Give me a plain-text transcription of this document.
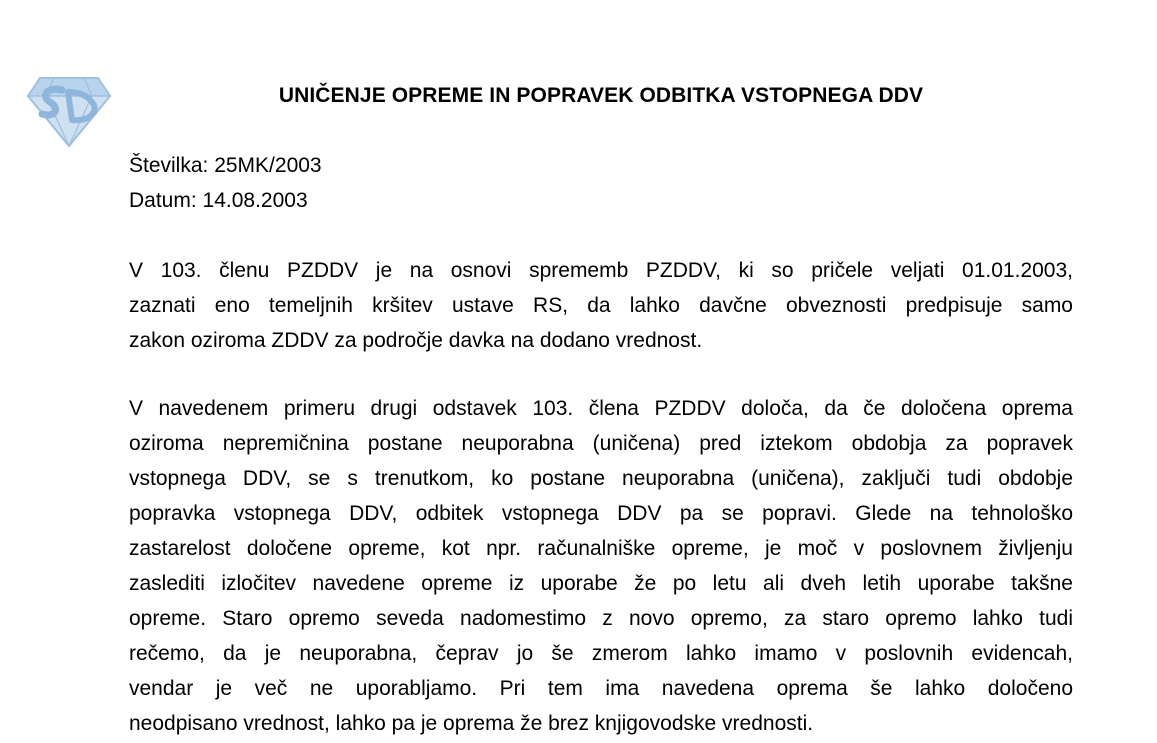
UNIČENJE OPREME IN POPRAVEK ODBITKA VSTOPNEGA DDV
Številka: 25MK/2003
Datum: 14.08.2003

V 103. členu PZDDV je na osnovi sprememb PZDDV, ki so pričele veljati 01.01.2003,
zaznati eno temeljnih kršitev ustave RS, da lahko davčne obveznosti predpisuje samo
zakon oziroma ZDDV za področje davka na dodano vrednost.

V navedenem primeru drugi odstavek 103. člena PZDDV določa, da če določena oprema
oziroma nepremičnina postane neuporabna (uničena) pred iztekom obdobja za popravek
vstopnega DDV, se s trenutkom, ko postane neuporabna (uničena), zaključi tudi obdobje
popravka vstopnega DDV, odbitek vstopnega DDV pa se popravi. Glede na tehnološko
zastarelost določene opreme, kot npr. računalniške opreme, je moč v poslovnem življenju
zaslediti izločitev navedene opreme iz uporabe že po letu ali dveh letih uporabe takšne
opreme. Staro opremo seveda nadomestimo z novo opremo, za staro opremo lahko tudi
rečemo, da je neuporabna, čeprav jo še zmerom lahko imamo v poslovnih evidencah,
vendar je več ne uporabljamo. Pri tem ima navedena oprema še lahko določeno
neodpisano vrednost, lahko pa je oprema že brez knjigovodske vrednosti.
